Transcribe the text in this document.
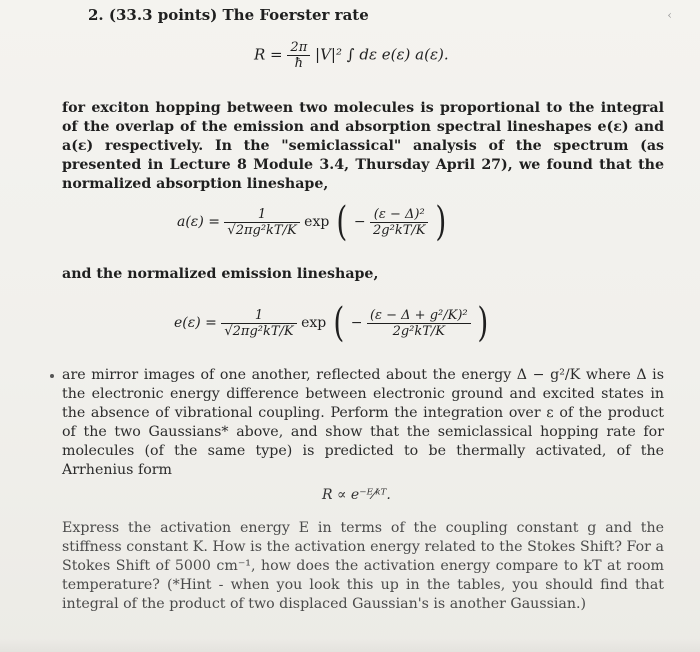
2. (33.3 points) The Foerster rate	‹
$R = \frac{2\pi}{ħ} |V|^2$ ∫ dε e(ε) a(ε).
for exciton hopping between two molecules is proportional to the integral of the overlap of the emission and absorption spectral lineshapes e(ε) and a(ε) respectively. In the "semiclassical" analysis of the spectrum (as presented in Lecture 8 Module 3.4, Thursday April 27), we found that the normalized absorption lineshape,
$a(\varepsilon) = \frac{1}{\text{√2πg²kT/K}}$ exp ( − $\frac{\text{(ε − Δ)²}}{\text{2g²kT/K}}$ )
and the normalized emission lineshape,
$e(\varepsilon) = \frac{1}{\text{√2πg²kT/K}}$ exp ( − $\frac{\text{(ε − Δ + g²/K)²}}{\text{2g²kT/K}}$ )
are mirror images of one another, reflected about the energy Δ − g²/K where Δ is the electronic energy difference between electronic ground and excited states in the absence of vibrational coupling. Perform the integration over ε of the product of the two Gaussians* above, and show that the semiclassical hopping rate for molecules (of the same type) is predicted to be thermally activated, of the Arrhenius form
R ∝ e⁻ᴱ⁄ᵏᵀ.
Express the activation energy E in terms of the coupling constant g and the stiffness constant K. How is the activation energy related to the Stokes Shift? For a Stokes Shift of 5000 cm⁻¹, how does the activation energy compare to kT at room temperature? (*Hint - when you look this up in the tables, you should find that integral of the product of two displaced Gaussian's is another Gaussian.)
